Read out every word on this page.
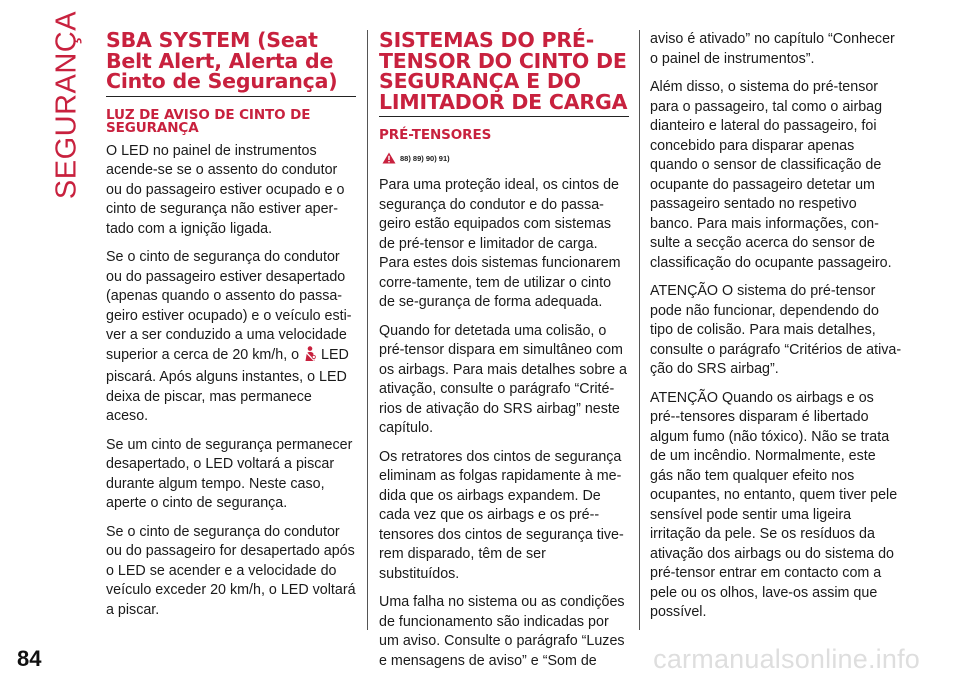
SEGURANÇA SBA SYSTEM (Seat Belt Alert, Alerta de Cinto de Segurança)
LUZ DE AVISO DE CINTO DE SEGURANÇA

O LED no painel de instrumentos acende-se se o assento do condutor ou do passageiro estiver ocupado e o cinto de segurança não estiver aper-tado com a ignição ligada.

Se o cinto de segurança do condutor ou do passageiro estiver desapertado (apenas quando o assento do passa-geiro estiver ocupado) e o veículo esti-ver a ser conduzido a uma velocidade superior a cerca de 20 km/h, o  LED piscará. Após alguns instantes, o LED deixa de piscar, mas permanece aceso.

Se um cinto de segurança permanecer desapertado, o LED voltará a piscar durante algum tempo. Neste caso, aperte o cinto de segurança.

Se o cinto de segurança do condutor ou do passageiro for desapertado após o LED se acender e a velocidade do veículo exceder 20 km/h, o LED voltará a piscar.

SISTEMAS DO PRÉ-TENSOR DO CINTO DE SEGURANÇA E DO LIMITADOR DE CARGA
PRÉ-TENSORES
88) 89) 90) 91)

Para uma proteção ideal, os cintos de segurança do condutor e do passa-geiro estão equipados com sistemas de pré-tensor e limitador de carga. Para estes dois sistemas funcionarem corre-tamente, tem de utilizar o cinto de se-gurança de forma adequada.

Quando for detetada uma colisão, o pré-tensor dispara em simultâneo com os airbags. Para mais detalhes sobre a ativação, consulte o parágrafo “Crité-rios de ativação do SRS airbag” neste capítulo.

Os retratores dos cintos de segurança eliminam as folgas rapidamente à me-dida que os airbags expandem. De cada vez que os airbags e os pré--tensores dos cintos de segurança tive-rem disparado, têm de ser substituídos.

Uma falha no sistema ou as condições de funcionamento são indicadas por um aviso. Consulte o parágrafo “Luzes e mensagens de aviso” e “Som de

aviso é ativado” no capítulo “Conhecer o painel de instrumentos”.

Além disso, o sistema do pré-tensor para o passageiro, tal como o airbag dianteiro e lateral do passageiro, foi concebido para disparar apenas quando o sensor de classificação de ocupante do passageiro detetar um passageiro sentado no respetivo banco. Para mais informações, con-sulte a secção acerca do sensor de classificação do ocupante passageiro.

ATENÇÃO O sistema do pré-tensor pode não funcionar, dependendo do tipo de colisão. Para mais detalhes, consulte o parágrafo “Critérios de ativa-ção do SRS airbag”.

ATENÇÃO Quando os airbags e os pré--tensores disparam é libertado algum fumo (não tóxico). Não se trata de um incêndio. Normalmente, este gás não tem qualquer efeito nos ocupantes, no entanto, quem tiver pele sensível pode sentir uma ligeira irritação da pele. Se os resíduos da ativação dos airbags ou do sistema do pré-tensor entrar em contacto com a pele ou os olhos, lave-os assim que possível.

84	carmanualsonline.info
